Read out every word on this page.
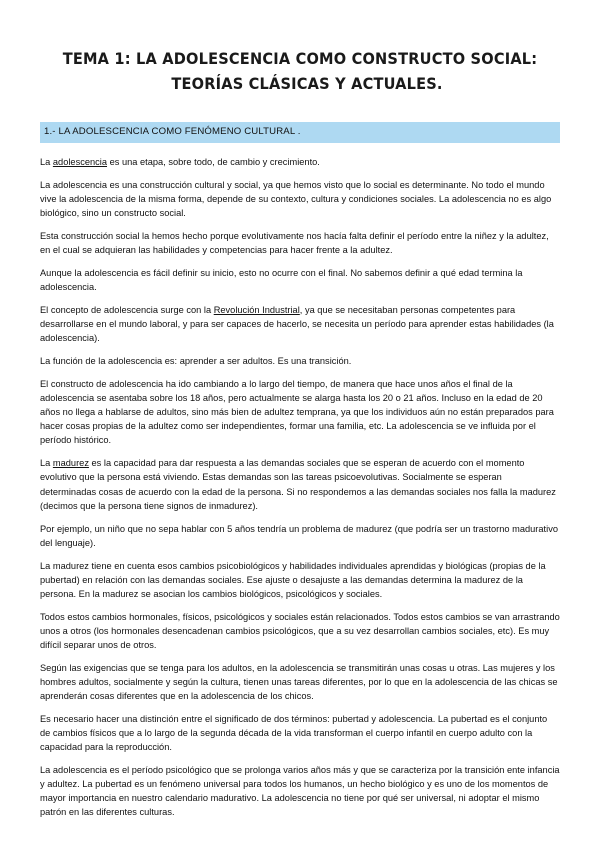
TEMA 1: LA ADOLESCENCIA COMO CONSTRUCTO SOCIAL:
TEORÍAS CLÁSICAS Y ACTUALES.
1.- LA ADOLESCENCIA COMO FENÓMENO CULTURAL .

La adolescencia es una etapa, sobre todo, de cambio y crecimiento.

La adolescencia es una construcción cultural y social, ya que hemos visto que lo social es determinante. No todo el mundo vive la adolescencia de la misma forma, depende de su contexto, cultura y condiciones sociales. La adolescencia no es algo biológico, sino un constructo social.

Esta construcción social la hemos hecho porque evolutivamente nos hacía falta definir el período entre la niñez y la adultez, en el cual se adquieran las habilidades y competencias para hacer frente a la adultez.

Aunque la adolescencia es fácil definir su inicio, esto no ocurre con el final. No sabemos definir a qué edad termina la adolescencia.

El concepto de adolescencia surge con la Revolución Industrial, ya que se necesitaban personas competentes para desarrollarse en el mundo laboral, y para ser capaces de hacerlo, se necesita un período para aprender estas habilidades (la adolescencia).

La función de la adolescencia es: aprender a ser adultos. Es una transición.

El constructo de adolescencia ha ido cambiando a lo largo del tiempo, de manera que hace unos años el final de la adolescencia se asentaba sobre los 18 años, pero actualmente se alarga hasta los 20 o 21 años. Incluso en la edad de 20 años no llega a hablarse de adultos, sino más bien de adultez temprana, ya que los individuos aún no están preparados para hacer cosas propias de la adultez como ser independientes, formar una familia, etc. La adolescencia se ve influida por el período histórico.

La madurez es la capacidad para dar respuesta a las demandas sociales que se esperan de acuerdo con el momento evolutivo que la persona está viviendo. Estas demandas son las tareas psicoevolutivas. Socialmente se esperan determinadas cosas de acuerdo con la edad de la persona. Si no respondemos a las demandas sociales nos falla la madurez (decimos que la persona tiene signos de inmadurez).

Por ejemplo, un niño que no sepa hablar con 5 años tendría un problema de madurez (que podría ser un trastorno madurativo del lenguaje).

La madurez tiene en cuenta esos cambios psicobiológicos y habilidades individuales aprendidas y biológicas (propias de la pubertad) en relación con las demandas sociales. Ese ajuste o desajuste a las demandas determina la madurez de la persona. En la madurez se asocian los cambios biológicos, psicológicos y sociales.

Todos estos cambios hormonales, físicos, psicológicos y sociales están relacionados. Todos estos cambios se van arrastrando unos a otros (los hormonales desencadenan cambios psicológicos, que a su vez desarrollan cambios sociales, etc). Es muy difícil separar unos de otros.

Según las exigencias que se tenga para los adultos, en la adolescencia se transmitirán unas cosas u otras. Las mujeres y los hombres adultos, socialmente y según la cultura, tienen unas tareas diferentes, por lo que en la adolescencia de las chicas se aprenderán cosas diferentes que en la adolescencia de los chicos.

Es necesario hacer una distinción entre el significado de dos términos: pubertad y adolescencia. La pubertad es el conjunto de cambios físicos que a lo largo de la segunda década de la vida transforman el cuerpo infantil en cuerpo adulto con la capacidad para la reproducción.

La adolescencia es el período psicológico que se prolonga varios años más y que se caracteriza por la transición ente infancia y adultez. La pubertad es un fenómeno universal para todos los humanos, un hecho biológico y es uno de los momentos de mayor importancia en nuestro calendario madurativo. La adolescencia no tiene por qué ser universal, ni adoptar el mismo patrón en las diferentes culturas.
